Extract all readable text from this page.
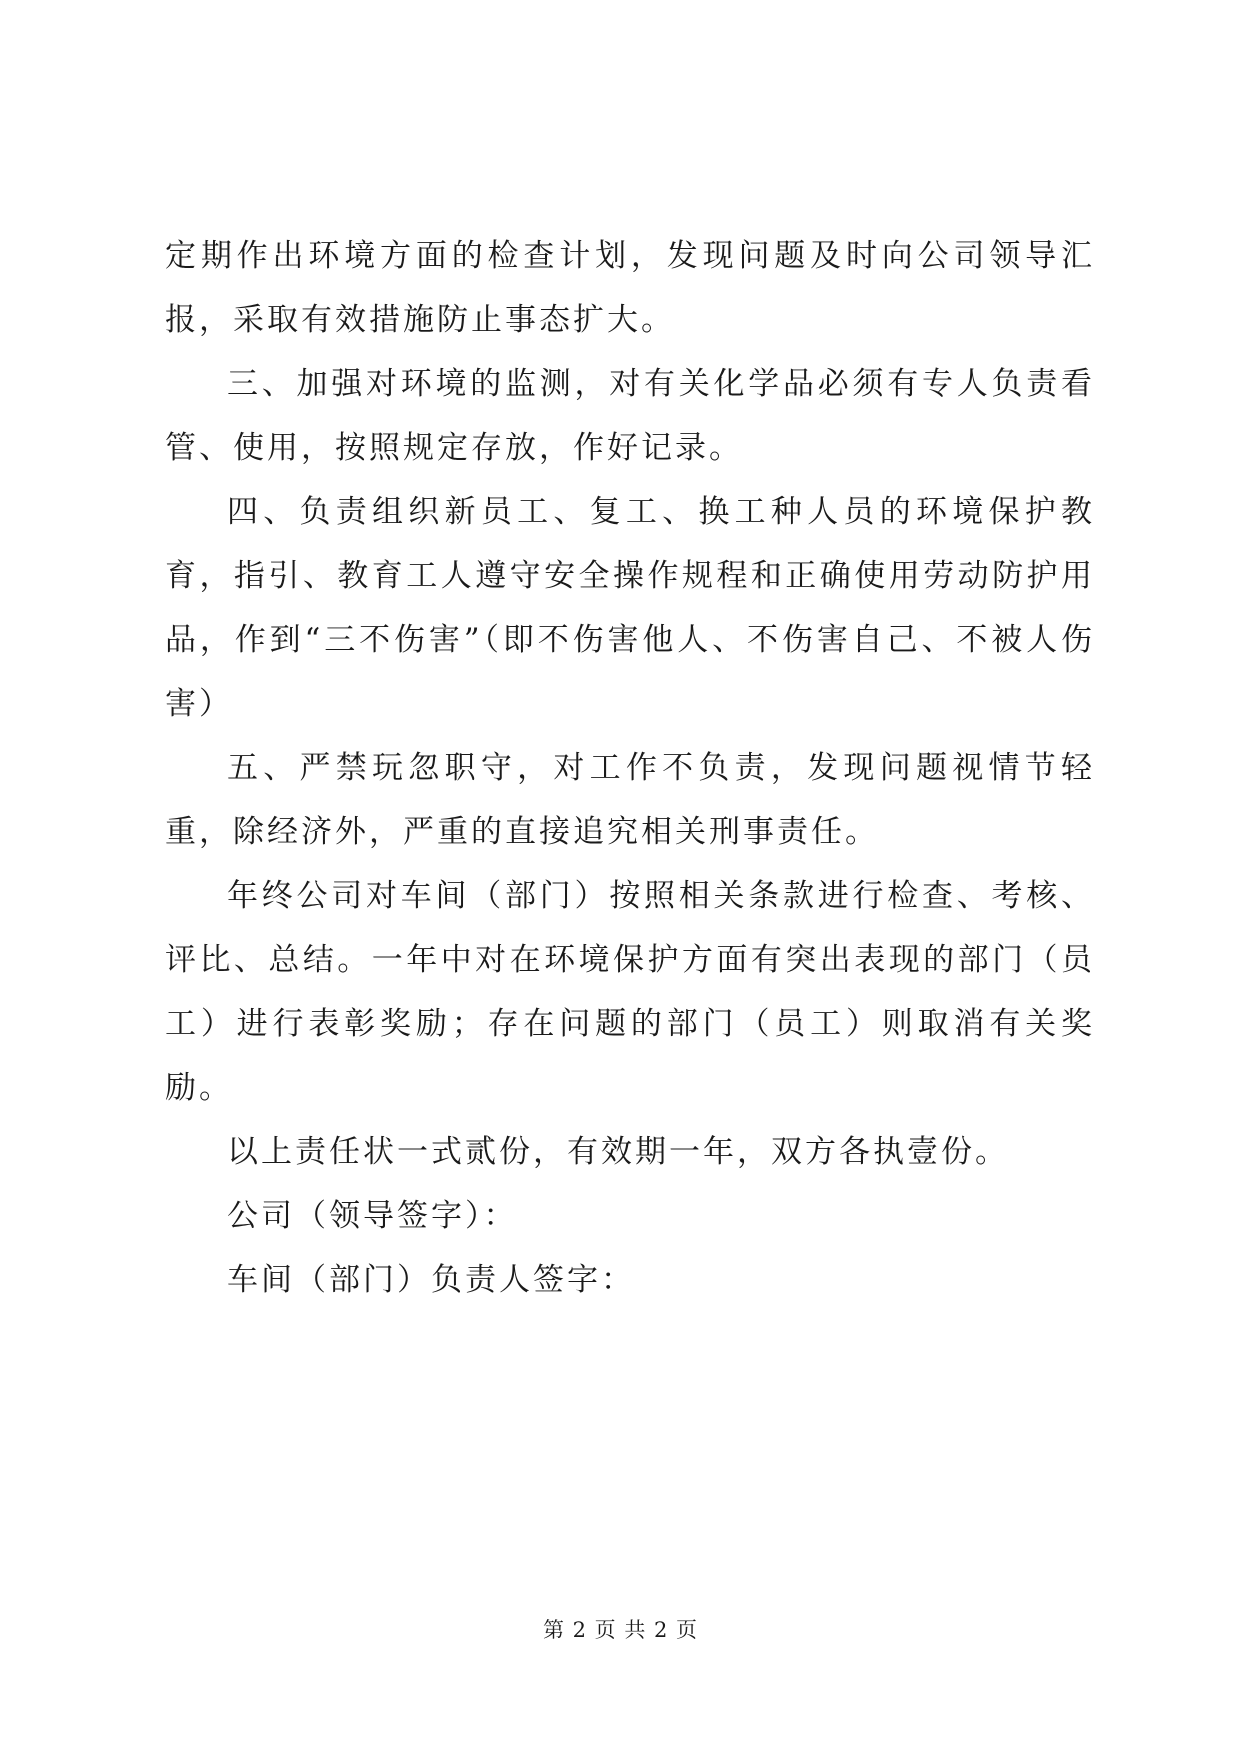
定期作出环境方面的检查计划，发现问题及时向公司领导汇报，采取有效措施防止事态扩大。

三、加强对环境的监测，对有关化学品必须有专人负责看管、使用，按照规定存放，作好记录。

四、负责组织新员工、复工、换工种人员的环境保护教育，指引、教育工人遵守安全操作规程和正确使用劳动防护用品，作到“三不伤害”（即不伤害他人、不伤害自己、不被人伤害）

五、严禁玩忽职守，对工作不负责，发现问题视情节轻重，除经济外，严重的直接追究相关刑事责任。

年终公司对车间（部门）按照相关条款进行检查、考核、评比、总结。一年中对在环境保护方面有突出表现的部门（员工）进行表彰奖励；存在问题的部门（员工）则取消有关奖励。

以上责任状一式贰份，有效期一年，双方各执壹份。

公司（领导签字）：

车间（部门）负责人签字：

第 2 页 共 2 页
